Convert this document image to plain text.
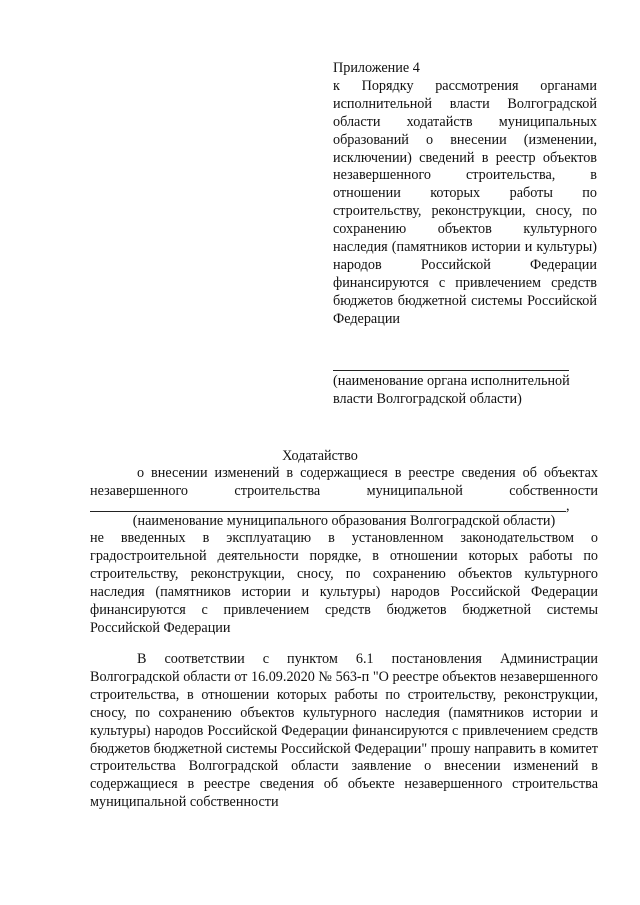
Приложение 4
к Порядку рассмотрения органами исполнительной власти Волгоградской области ходатайств муниципальных образований о внесении (изменении, исключении) сведений в реестр объектов незавершенного строительства, в отношении которых работы по строительству, реконструкции, сносу, по сохранению объектов культурного наследия (памятников истории и культуры) народов Российской Федерации финансируются с привлечением средств бюджетов бюджетной системы Российской Федерации
(наименование органа исполнительной власти Волгоградской области)
Ходатайство
о внесении изменений в содержащиеся в реестре сведения об объектах незавершенного строительства муниципальной собственности
,
(наименование муниципального образования Волгоградской области)
не введенных в эксплуатацию в установленном законодательством о градостроительной деятельности порядке, в отношении которых работы по строительству, реконструкции, сносу, по сохранению объектов культурного наследия (памятников истории и культуры) народов Российской Федерации финансируются с привлечением средств бюджетов бюджетной системы Российской Федерации
В соответствии с пунктом 6.1 постановления Администрации Волгоградской области от 16.09.2020 № 563-п "О реестре объектов незавершенного строительства, в отношении которых работы по строительству, реконструкции, сносу, по сохранению объектов культурного наследия (памятников истории и культуры) народов Российской Федерации финансируются с привлечением средств бюджетов бюджетной системы Российской Федерации" прошу направить в комитет строительства Волгоградской области заявление о внесении изменений в содержащиеся в реестре сведения об объекте незавершенного строительства муниципальной собственности
